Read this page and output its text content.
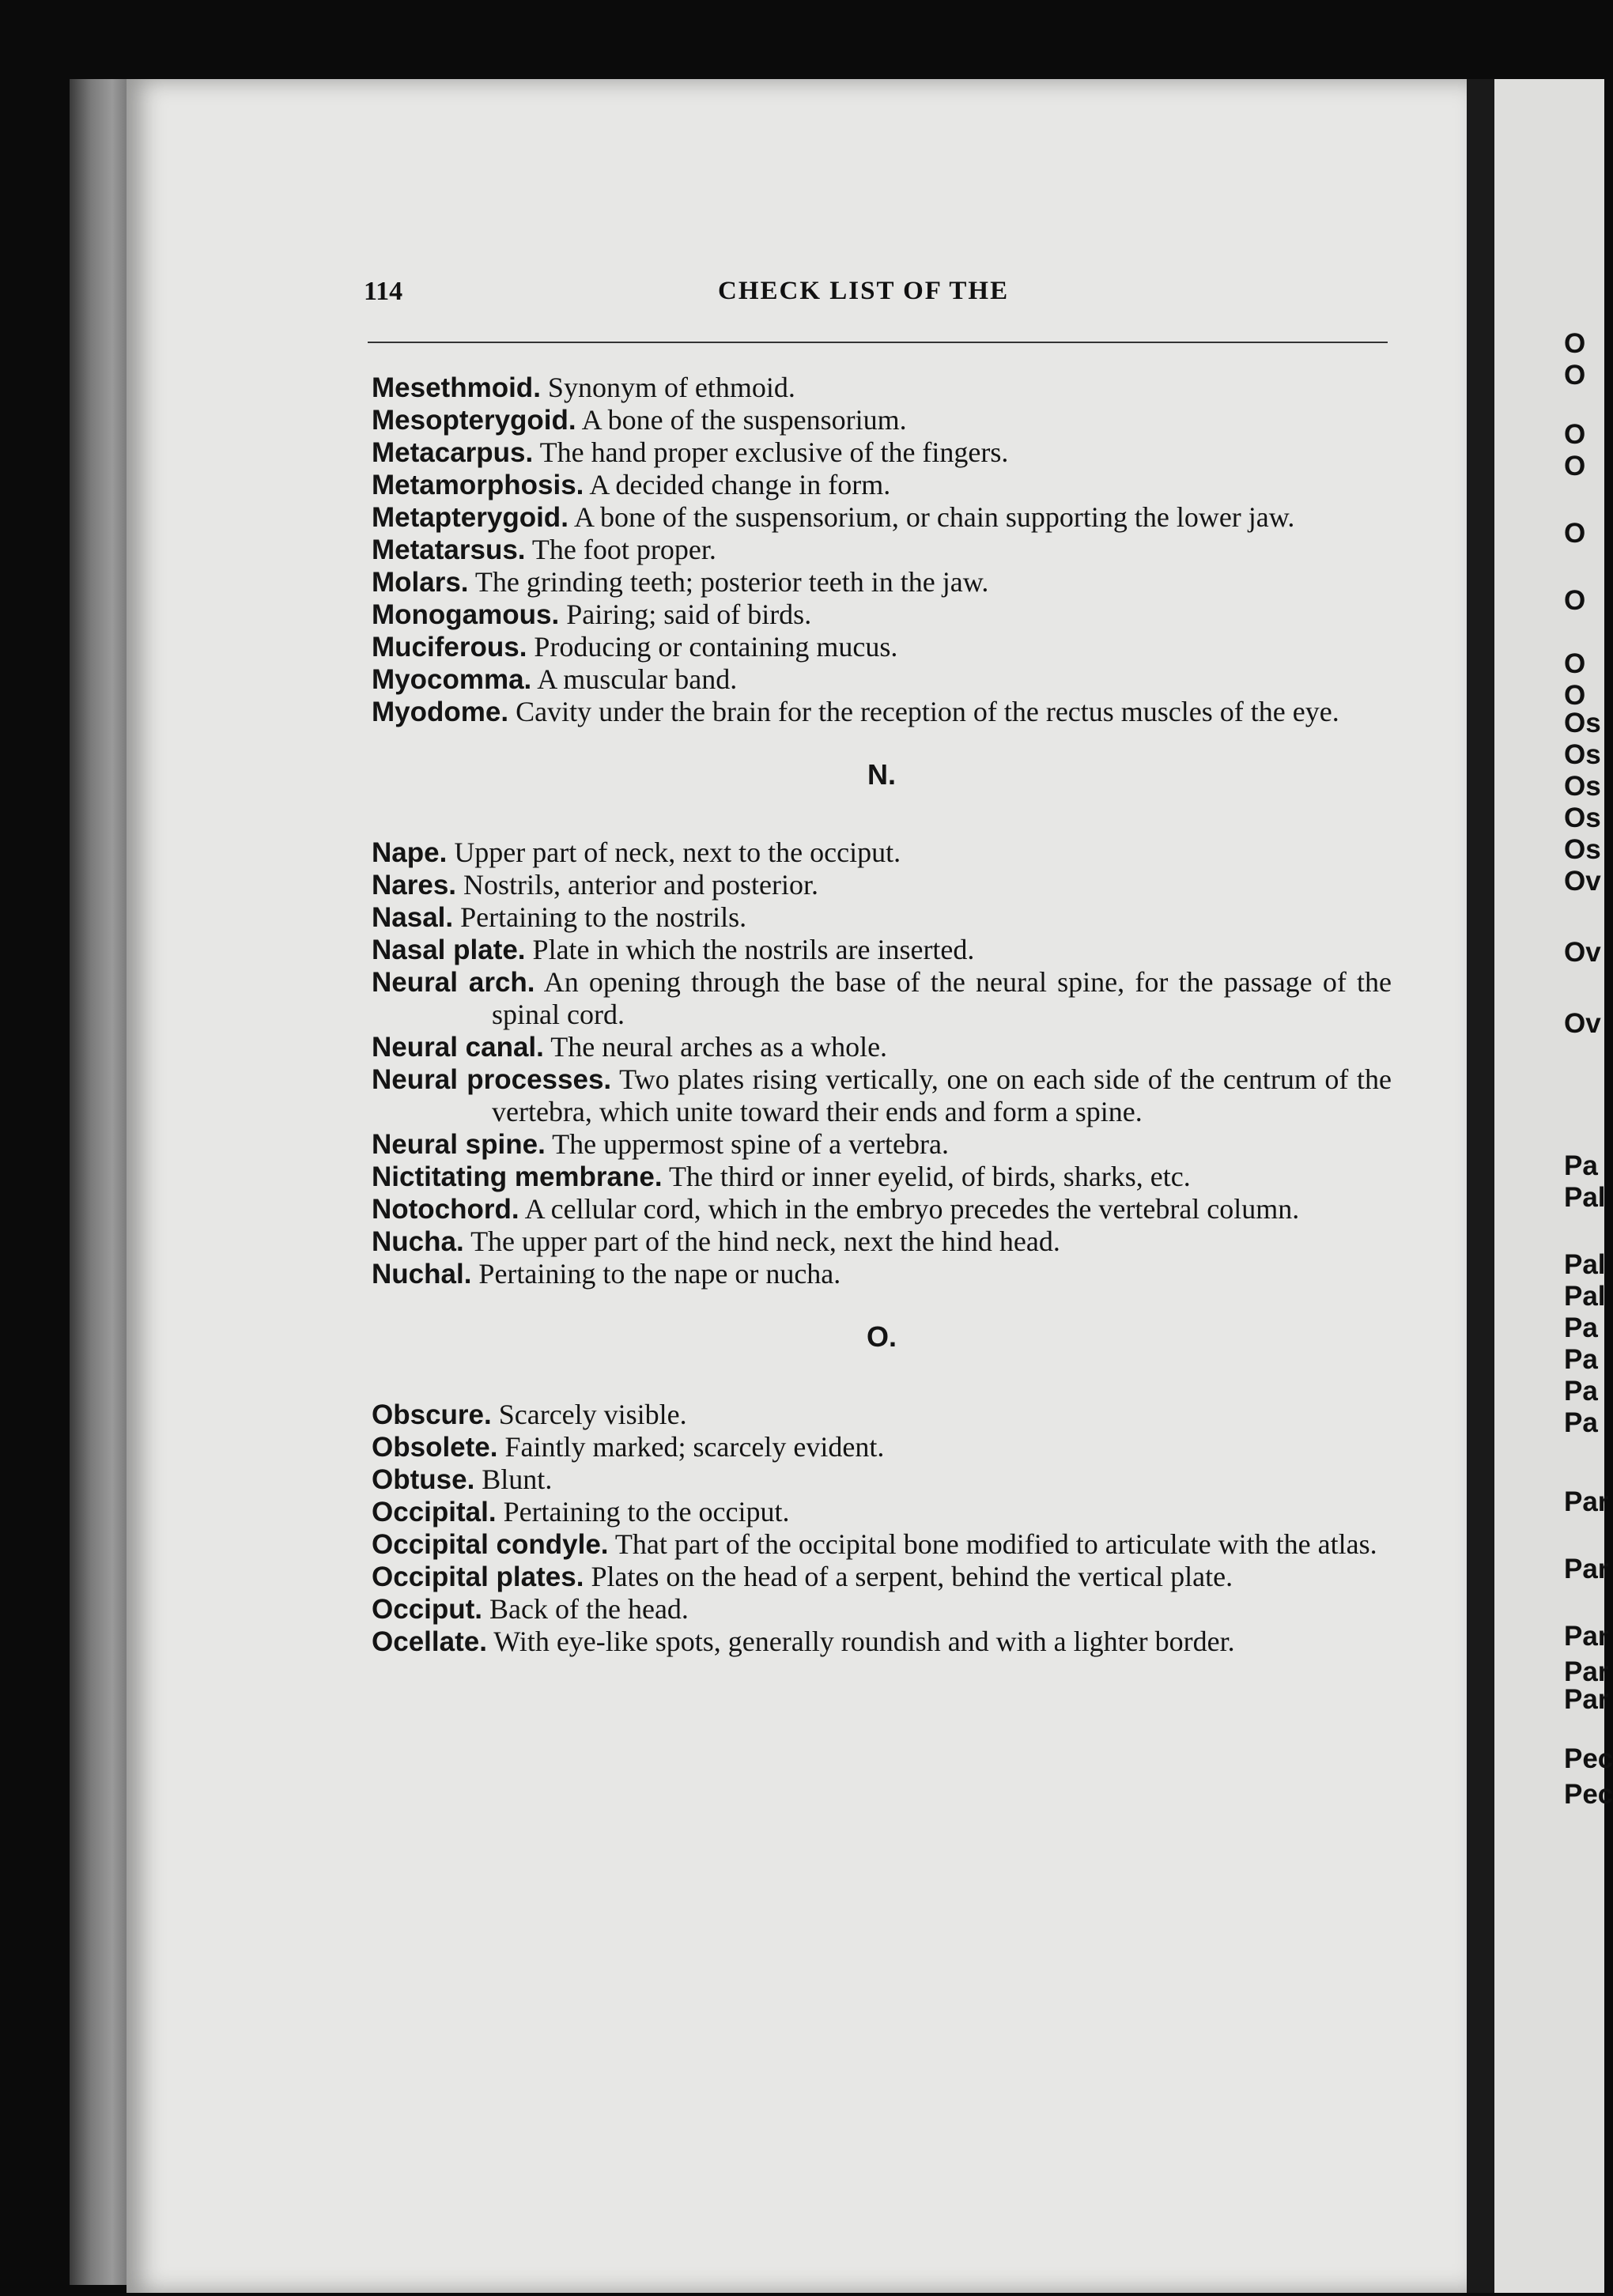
O
O
O
O
O
O
O
O
Os
Os
Os
Os
Os
Ov
Ov
Ov
Pa
Pal
Pal
Pal
Pa
Pa
Pa
Pa
Par
Par
Par
Par
Par
Pec
Pec
114	CHECK LIST OF THE

Mesethmoid. Synonym of ethmoid.

Mesopterygoid. A bone of the suspensorium.

Metacarpus. The hand proper exclusive of the fingers.

Metamorphosis. A decided change in form.

Metapterygoid. A bone of the suspensorium, or chain supporting the lower jaw.

Metatarsus. The foot proper.

Molars. The grinding teeth; posterior teeth in the jaw.

Monogamous. Pairing; said of birds.

Muciferous. Producing or containing mucus.

Myocomma. A muscular band.

Myodome. Cavity under the brain for the reception of the rectus muscles of the eye.

N.

Nape. Upper part of neck, next to the occiput.

Nares. Nostrils, anterior and posterior.

Nasal. Pertaining to the nostrils.

Nasal plate. Plate in which the nostrils are inserted.

Neural arch. An opening through the base of the neural spine, for the passage of the spinal cord.

Neural canal. The neural arches as a whole.

Neural processes. Two plates rising vertically, one on each side of the centrum of the vertebra, which unite toward their ends and form a spine.

Neural spine. The uppermost spine of a vertebra.

Nictitating membrane. The third or inner eyelid, of birds, sharks, etc.

Notochord. A cellular cord, which in the embryo precedes the vertebral column.

Nucha. The upper part of the hind neck, next the hind head.

Nuchal. Pertaining to the nape or nucha.

O.

Obscure. Scarcely visible.

Obsolete. Faintly marked; scarcely evident.

Obtuse. Blunt.

Occipital. Pertaining to the occiput.

Occipital condyle. That part of the occipital bone modified to articulate with the atlas.

Occipital plates. Plates on the head of a serpent, behind the vertical plate.

Occiput. Back of the head.

Ocellate. With eye-like spots, generally roundish and with a lighter border.
